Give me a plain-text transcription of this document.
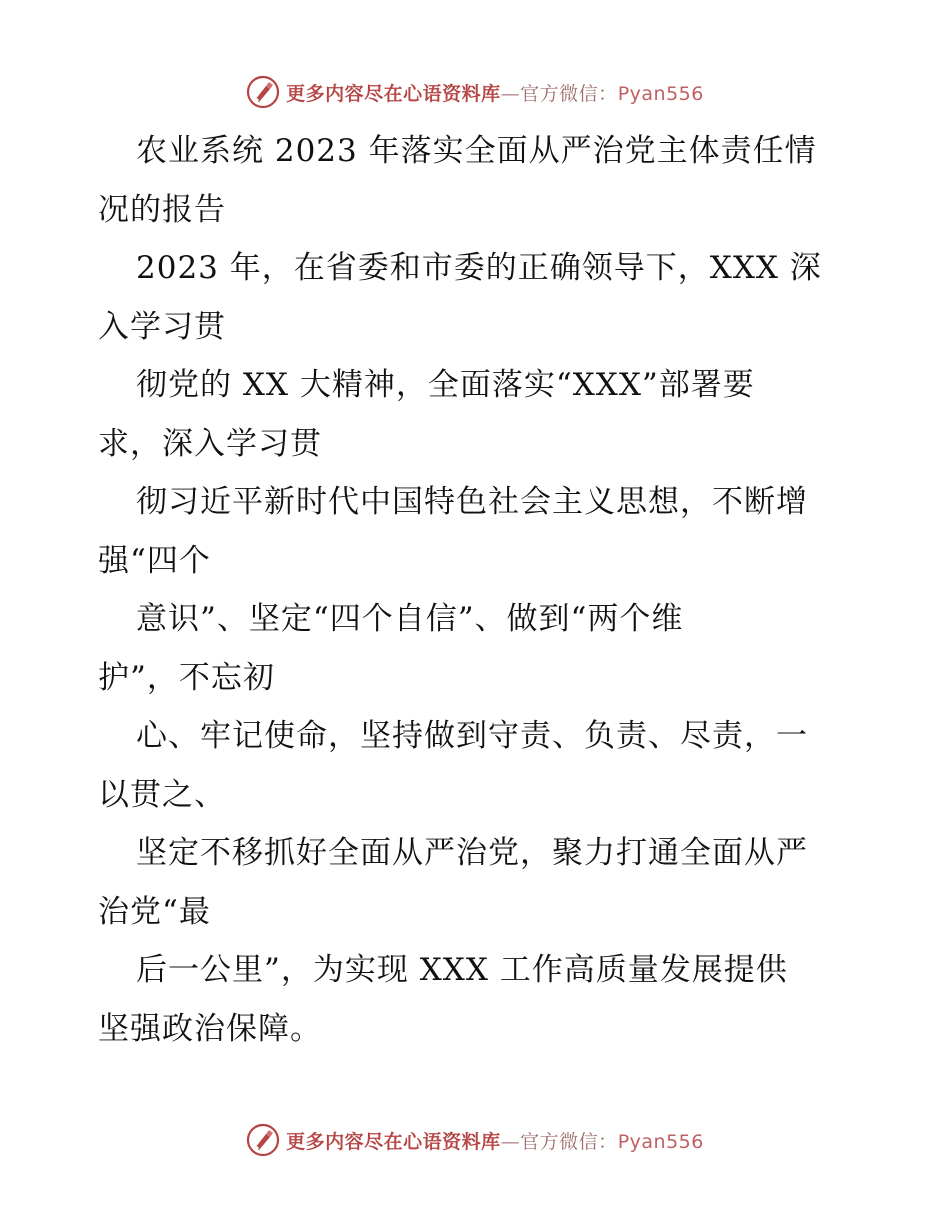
更多内容尽在心语资料库—官方微信：Pyan556
农业系统 2023 年落实全面从严治党主体责任情
况的报告
2023 年，在省委和市委的正确领导下，XXX 深
入学习贯
彻党的 XX 大精神，全面落实“XXX”部署要
求，深入学习贯
彻习近平新时代中国特色社会主义思想，不断增
强“四个
意识”、坚定“四个自信”、做到“两个维
护”，不忘初
心、牢记使命，坚持做到守责、负责、尽责，一
以贯之、
坚定不移抓好全面从严治党，聚力打通全面从严
治党“最
后一公里”，为实现 XXX 工作高质量发展提供
坚强政治保障。
更多内容尽在心语资料库—官方微信：Pyan556
